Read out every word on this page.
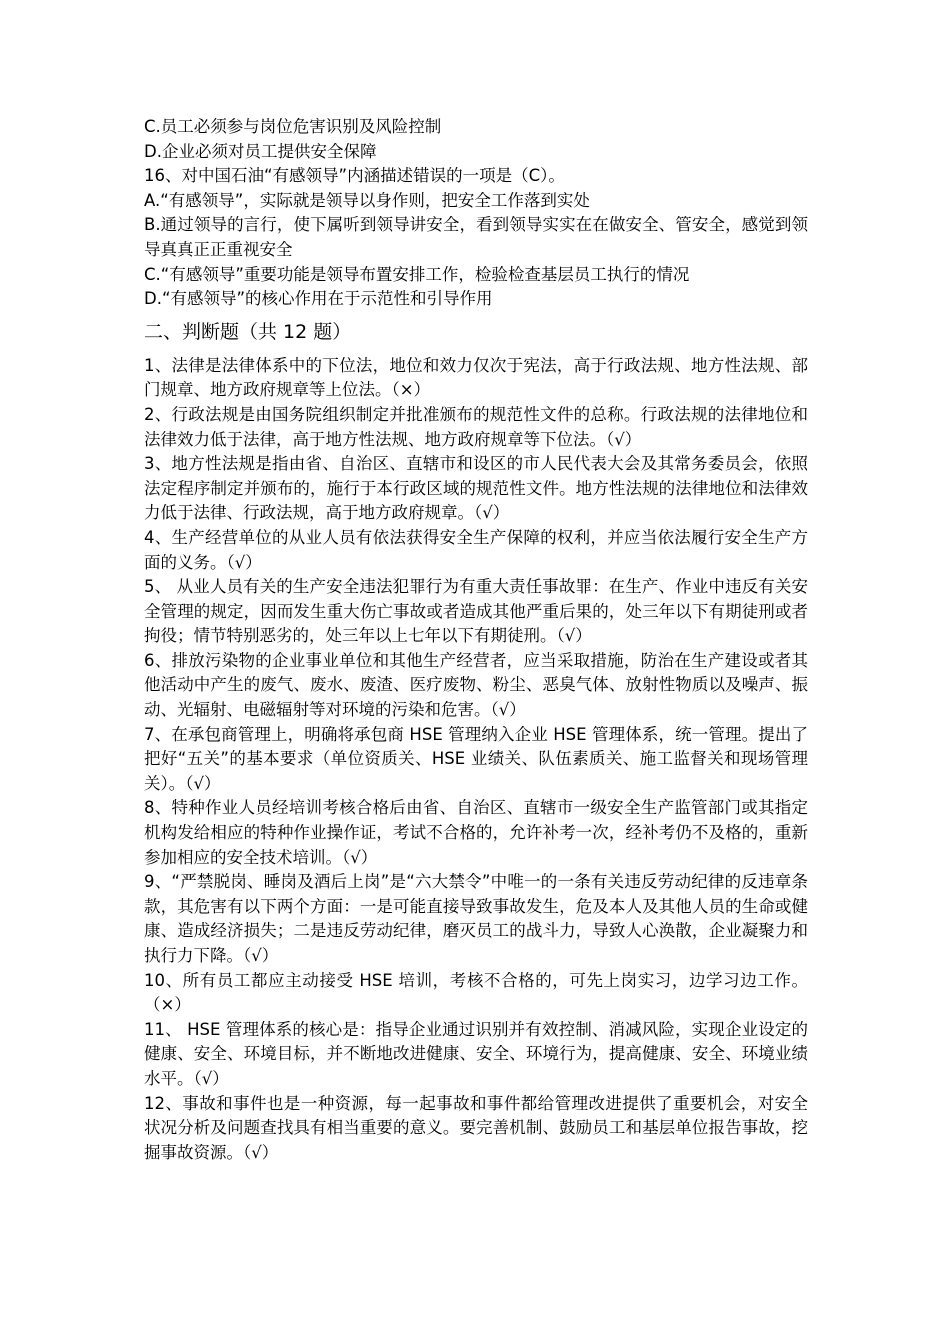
C.员工必须参与岗位危害识别及风险控制

D.企业必须对员工提供安全保障

16、对中国石油“有感领导”内涵描述错误的一项是（C）。

A.“有感领导”，实际就是领导以身作则，把安全工作落到实处

B.通过领导的言行，使下属听到领导讲安全，看到领导实实在在做安全、管安全，感觉到领导真真正正重视安全

C.“有感领导”重要功能是领导布置安排工作，检验检查基层员工执行的情况

D.“有感领导”的核心作用在于示范性和引导作用

二、判断题（共 12 题）

1、法律是法律体系中的下位法，地位和效力仅次于宪法，高于行政法规、地方性法规、部门规章、地方政府规章等上位法。（×）

2、行政法规是由国务院组织制定并批准颁布的规范性文件的总称。行政法规的法律地位和法律效力低于法律，高于地方性法规、地方政府规章等下位法。（√）

3、地方性法规是指由省、自治区、直辖市和设区的市人民代表大会及其常务委员会，依照法定程序制定并颁布的，施行于本行政区域的规范性文件。地方性法规的法律地位和法律效力低于法律、行政法规，高于地方政府规章。（√）

4、生产经营单位的从业人员有依法获得安全生产保障的权利，并应当依法履行安全生产方面的义务。（√）

5、 从业人员有关的生产安全违法犯罪行为有重大责任事故罪：在生产、作业中违反有关安全管理的规定，因而发生重大伤亡事故或者造成其他严重后果的，处三年以下有期徒刑或者拘役；情节特别恶劣的，处三年以上七年以下有期徒刑。（√）

6、排放污染物的企业事业单位和其他生产经营者，应当采取措施，防治在生产建设或者其他活动中产生的废气、废水、废渣、医疗废物、粉尘、恶臭气体、放射性物质以及噪声、振动、光辐射、电磁辐射等对环境的污染和危害。（√）

7、在承包商管理上，明确将承包商 HSE 管理纳入企业 HSE 管理体系，统一管理。提出了把好“五关”的基本要求（单位资质关、HSE 业绩关、队伍素质关、施工监督关和现场管理关）。（√）

8、特种作业人员经培训考核合格后由省、自治区、直辖市一级安全生产监管部门或其指定机构发给相应的特种作业操作证，考试不合格的，允许补考一次，经补考仍不及格的，重新参加相应的安全技术培训。（√）

9、“严禁脱岗、睡岗及酒后上岗”是“六大禁令”中唯一的一条有关违反劳动纪律的反违章条款，其危害有以下两个方面：一是可能直接导致事故发生，危及本人及其他人员的生命或健康、造成经济损失；二是违反劳动纪律，磨灭员工的战斗力，导致人心涣散，企业凝聚力和执行力下降。（√）

10、所有员工都应主动接受 HSE 培训，考核不合格的，可先上岗实习，边学习边工作。（×）

11、 HSE 管理体系的核心是：指导企业通过识别并有效控制、消减风险，实现企业设定的健康、安全、环境目标，并不断地改进健康、安全、环境行为，提高健康、安全、环境业绩水平。（√）

12、事故和事件也是一种资源，每一起事故和事件都给管理改进提供了重要机会，对安全状况分析及问题查找具有相当重要的意义。要完善机制、鼓励员工和基层单位报告事故，挖掘事故资源。（√）
